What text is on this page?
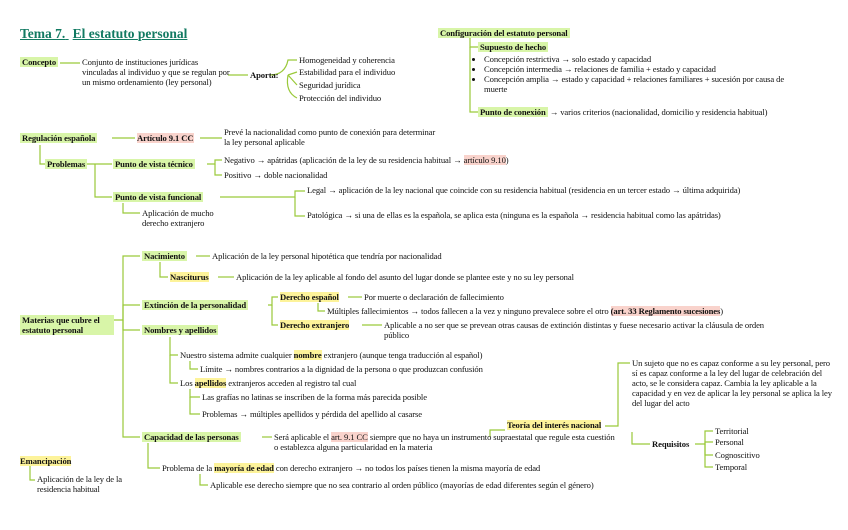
Tema 7. El estatuto personal
Concepto	Conjunto de instituciones jurídicas vinculadas al individuo y que se regulan por un mismo ordenamiento (ley personal)
Aporta:
Homogeneidad y coherencia
Estabilidad para el individuo
Seguridad jurídica
Protección del individuo
Configuración del estatuto personal
Supuesto de hecho
• Concepción restrictiva → solo estado y capacidad
• Concepción intermedia → relaciones de familia + estado y capacidad
• Concepción amplia → estado y capacidad + relaciones familiares + sucesión por causa de muerte
Punto de conexión → varios criterios (nacionalidad, domicilio y residencia habitual)
Regulación española	Artículo 9.1 CC
Prevé la nacionalidad como punto de conexión para determinar la ley personal aplicable
Problemas	Punto de vista técnico	Negativo → apátridas (aplicación de la ley de su residencia habitual → artículo 9.10)
Positivo → doble nacionalidad
Punto de vista funcional
Aplicación de mucho derecho extranjero
Legal → aplicación de la ley nacional que coincide con su residencia habitual (residencia en un tercer estado → última adquirida)
Patológica → si una de ellas es la española, se aplica esta (ninguna es la española → residencia habitual como las apátridas)
Materias que cubre el estatuto personal
Nacimiento	Aplicación de la ley personal hipotética que tendría por nacionalidad
Nasciturus	Aplicación de la ley aplicable al fondo del asunto del lugar donde se plantee este y no su ley personal
Extinción de la personalidad
Derecho español	Por muerte o declaración de fallecimiento
Múltiples fallecimientos → todos fallecen a la vez y ninguno prevalece sobre el otro (art. 33 Reglamento sucesiones)
Derecho extranjero	Aplicable a no ser que se prevean otras causas de extinción distintas y fuese necesario activar la cláusula de orden público
Nombres y apellidos
Nuestro sistema admite cualquier nombre extranjero (aunque tenga traducción al español)
Límite → nombres contrarios a la dignidad de la persona o que produzcan confusión
Los apellidos extranjeros acceden al registro tal cual
Las grafías no latinas se inscriben de la forma más parecida posible
Problemas → múltiples apellidos y pérdida del apellido al casarse
Capacidad de las personas	Será aplicable el art. 9.1 CC siempre que no haya un instrumento supraestatal que regule esta cuestión o establezca alguna particularidad en la materia
Teoría del interés nacional
Un sujeto que no es capaz conforme a su ley personal, pero sí es capaz conforme a la ley del lugar de celebración del acto, se le considera capaz. Cambia la ley aplicable a la capacidad y en vez de aplicar la ley personal se aplica la ley del lugar del acto
Requisitos
Territorial
Personal
Cognoscitivo
Temporal
Problema de la mayoría de edad con derecho extranjero → no todos los países tienen la misma mayoría de edad
Aplicable ese derecho siempre que no sea contrario al orden público (mayorías de edad diferentes según el género)
Emancipación
Aplicación de la ley de la residencia habitual
